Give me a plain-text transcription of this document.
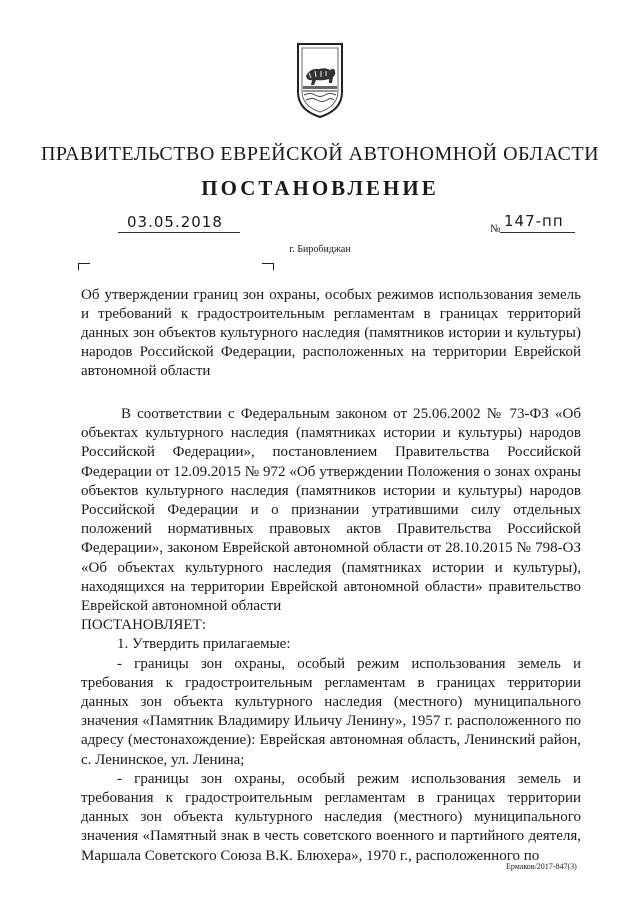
ПРАВИТЕЛЬСТВО ЕВРЕЙСКОЙ АВТОНОМНОЙ ОБЛАСТИ
ПОСТАНОВЛЕНИЕ
03.05.2018	№ 147-пп
г. Биробиджан
Об утверждении границ зон охраны, особых режимов использования земель и требований к градостроительным регламентам в границах территорий данных зон объектов культурного наследия (памятников истории и культуры) народов Российской Федерации, расположенных на территории Еврейской автономной области

В соответствии с Федеральным законом от 25.06.2002 № 73-ФЗ «Об объектах культурного наследия (памятниках истории и культуры) народов Российской Федерации», постановлением Правительства Российской Федерации от 12.09.2015 № 972 «Об утверждении Положения о зонах охраны объектов культурного наследия (памятников истории и культуры) народов Российской Федерации и о признании утратившими силу отдельных положений нормативных правовых актов Правительства Российской Федерации», законом Еврейской автономной области от 28.10.2015 № 798-ОЗ «Об объектах культурного наследия (памятниках истории и культуры), находящихся на территории Еврейской автономной области» правительство Еврейской автономной области

ПОСТАНОВЛЯЕТ:

1. Утвердить прилагаемые:

- границы зон охраны, особый режим использования земель и требования к градостроительным регламентам в границах территории данных зон объекта культурного наследия (местного) муниципального значения «Памятник Владимиру Ильичу Ленину», 1957 г. расположенного по адресу (местонахождение): Еврейская автономная область, Ленинский район, с. Ленинское, ул. Ленина;

- границы зон охраны, особый режим использования земель и требования к градостроительным регламентам в границах территории данных зон объекта культурного наследия (местного) муниципального значения «Памятный знак в честь советского военного и партийного деятеля, Маршала Советского Союза В.К. Блюхера», 1970 г., расположенного по

Ермаков/2017-847(3)
